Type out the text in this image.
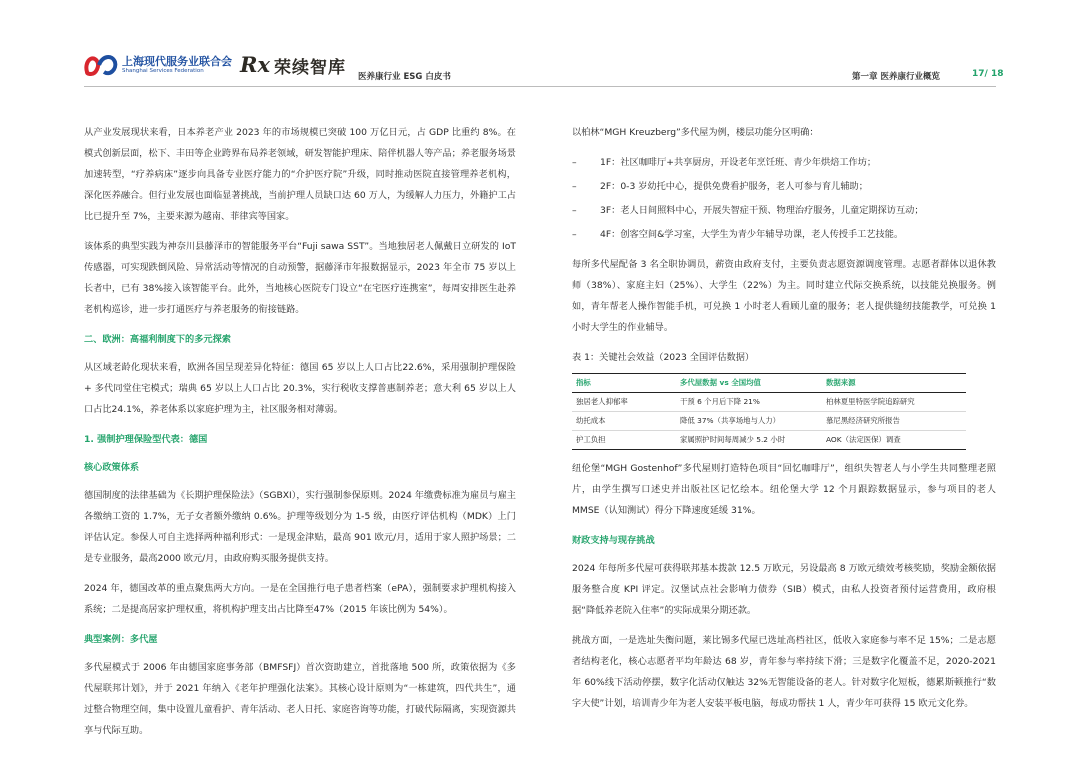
上海现代服务业联合会
Shanghai Services Federation Rx 荣续智库 医养康行业 ESG 白皮书	第一章 医养康行业概览	17/ 18

从产业发展现状来看，日本养老产业 2023 年的市场规模已突破 100 万亿日元，占 GDP 比重约 8%。在模式创新层面，松下、丰田等企业跨界布局养老领域，研发智能护理床、陪伴机器人等产品；养老服务场景加速转型，“疗养病床”逐步向具备专业医疗能力的“介护医疗院”升级，同时推动医院直接管理养老机构，深化医养融合。但行业发展也面临显著挑战，当前护理人员缺口达 60 万人，为缓解人力压力，外籍护工占比已提升至 7%，主要来源为越南、菲律宾等国家。

该体系的典型实践为神奈川县藤泽市的智能服务平台“Fuji sawa SST”。当地独居老人佩戴日立研发的 IoT 传感器，可实现跌倒风险、异常活动等情况的自动预警，据藤泽市年报数据显示，2023 年全市 75 岁以上长者中，已有 38%接入该智能平台。此外，当地核心医院专门设立“在宅医疗连携室”，每周安排医生赴养老机构巡诊，进一步打通医疗与养老服务的衔接链路。

二、欧洲：高福利制度下的多元探索

从区域老龄化现状来看，欧洲各国呈现差异化特征：德国 65 岁以上人口占比22.6%，采用强制护理保险 + 多代同堂住宅模式；瑞典 65 岁以上人口占比 20.3%，实行税收支撑普惠制养老；意大利 65 岁以上人口占比24.1%，养老体系以家庭护理为主，社区服务相对薄弱。

1. 强制护理保险型代表：德国
核心政策体系

德国制度的法律基础为《长期护理保险法》（SGBXI），实行强制参保原则。2024 年缴费标准为雇员与雇主各缴纳工资的 1.7%，无子女者额外缴纳 0.6%。护理等级划分为 1-5 级，由医疗评估机构（MDK）上门评估认定。参保人可自主选择两种福利形式：一是现金津贴，最高 901 欧元/月，适用于家人照护场景；二是专业服务，最高2000 欧元/月，由政府购买服务提供支持。

2024 年，德国改革的重点聚焦两大方向。一是在全国推行电子患者档案（ePA），强制要求护理机构接入系统；二是提高居家护理权重，将机构护理支出占比降至47%（2015 年该比例为 54%）。

典型案例：多代屋

多代屋模式于 2006 年由德国家庭事务部（BMFSFJ）首次资助建立，首批落地 500 所，政策依据为《多代屋联邦计划》，并于 2021 年纳入《老年护理强化法案》。其核心设计原则为“一栋建筑，四代共生”，通过整合物理空间，集中设置儿童看护、青年活动、老人日托、家庭咨询等功能，打破代际隔离，实现资源共享与代际互助。

以柏林“MGH Kreuzberg”多代屋为例，楼层功能分区明确：

–	1F：社区咖啡厅+共享厨房，开设老年烹饪班、青少年烘焙工作坊；
–	2F：0-3 岁幼托中心，提供免费看护服务，老人可参与育儿辅助；
–	3F：老人日间照料中心，开展失智症干预、物理治疗服务，儿童定期探访互动；
–	4F：创客空间&学习室，大学生为青少年辅导功课，老人传授手工艺技能。

每所多代屋配备 3 名全职协调员，薪资由政府支付，主要负责志愿资源调度管理。志愿者群体以退休教师（38%）、家庭主妇（25%）、大学生（22%）为主。同时建立代际交换系统，以技能兑换服务。例如，青年帮老人操作智能手机，可兑换 1 小时老人看顾儿童的服务；老人提供缝纫技能教学，可兑换 1 小时大学生的作业辅导。

表 1：关键社会效益（2023 全国评估数据）

指标	多代屋数据 vs 全国均值	数据来源
独居老人抑郁率	干预 6 个月后下降 21%	柏林夏里特医学院追踪研究
幼托成本	降低 37%（共享场地与人力）	慕尼黑经济研究所报告
护工负担	家属照护时间每周减少 5.2 小时	AOK（法定医保）调查

纽伦堡“MGH Gostenhof”多代屋则打造特色项目“回忆咖啡厅”，组织失智老人与小学生共同整理老照片，由学生撰写口述史并出版社区记忆绘本。纽伦堡大学 12 个月跟踪数据显示，参与项目的老人 MMSE（认知测试）得分下降速度延缓 31%。

财政支持与现存挑战

2024 年每所多代屋可获得联邦基本拨款 12.5 万欧元，另设最高 8 万欧元绩效考核奖励，奖励金额依据服务整合度 KPI 评定。汉堡试点社会影响力债券（SIB）模式，由私人投资者预付运营费用，政府根据“降低养老院入住率”的实际成果分期还款。

挑战方面，一是选址失衡问题，莱比锡多代屋已选址高档社区，低收入家庭参与率不足 15%；二是志愿者结构老化，核心志愿者平均年龄达 68 岁，青年参与率持续下滑；三是数字化覆盖不足，2020-2021 年 60%线下活动停摆，数字化活动仅触达 32%无智能设备的老人。针对数字化短板，德累斯顿推行“数字大使”计划，培训青少年为老人安装平板电脑，每成功帮扶 1 人，青少年可获得 15 欧元文化券。
